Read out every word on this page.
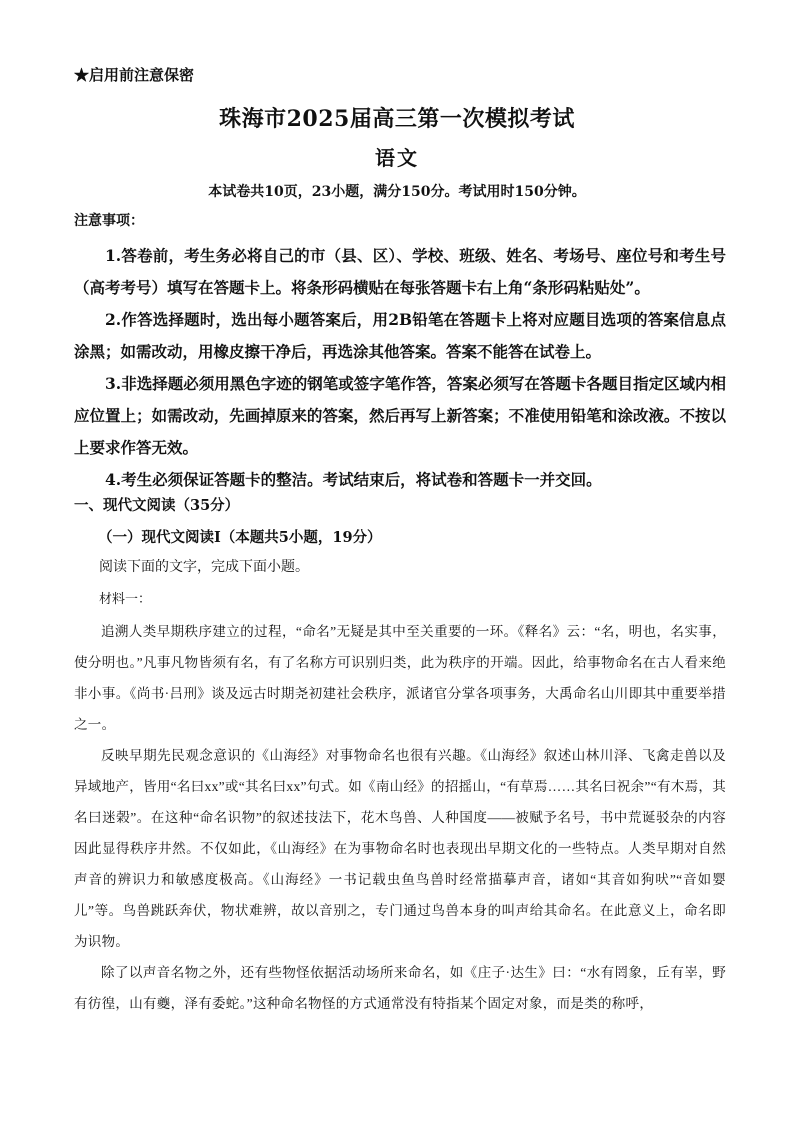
★启用前注意保密
珠海市2025届高三第一次模拟考试
语文
本试卷共10页，23小题，满分150分。考试用时150分钟。
注意事项：

1.答卷前，考生务必将自己的市（县、区）、学校、班级、姓名、考场号、座位号和考生号（高考考号）填写在答题卡上。将条形码横贴在每张答题卡右上角“条形码粘贴处”。

2.作答选择题时，选出每小题答案后，用2B铅笔在答题卡上将对应题目选项的答案信息点涂黑；如需改动，用橡皮擦干净后，再选涂其他答案。答案不能答在试卷上。

3.非选择题必须用黑色字迹的钢笔或签字笔作答，答案必须写在答题卡各题目指定区域内相应位置上；如需改动，先画掉原来的答案，然后再写上新答案；不准使用铅笔和涂改液。不按以上要求作答无效。

4.考生必须保证答题卡的整洁。考试结束后，将试卷和答题卡一并交回。

一、现代文阅读（35分）
（一）现代文阅读Ⅰ（本题共5小题，19分）
阅读下面的文字，完成下面小题。
材料一：

追溯人类早期秩序建立的过程，“命名”无疑是其中至关重要的一环。《释名》云：“名，明也，名实事，使分明也。”凡事凡物皆须有名，有了名称方可识别归类，此为秩序的开端。因此，给事物命名在古人看来绝非小事。《尚书·吕刑》谈及远古时期尧初建社会秩序，派诸官分掌各项事务，大禹命名山川即其中重要举措之一。

反映早期先民观念意识的《山海经》对事物命名也很有兴趣。《山海经》叙述山林川泽、飞禽走兽以及异域地产，皆用“名曰xx”或“其名曰xx”句式。如《南山经》的招摇山，“有草焉……其名曰祝余”“有木焉，其名曰迷榖”。在这种“命名识物”的叙述技法下，花木鸟兽、人种国度——被赋予名号，书中荒诞驳杂的内容因此显得秩序井然。不仅如此，《山海经》在为事物命名时也表现出早期文化的一些特点。人类早期对自然声音的辨识力和敏感度极高。《山海经》一书记载虫鱼鸟兽时经常描摹声音，诸如“其音如狗吠”“音如婴儿”等。鸟兽跳跃奔伏，物状难辨，故以音别之，专门通过鸟兽本身的叫声给其命名。在此意义上，命名即为识物。

除了以声音名物之外，还有些物怪依据活动场所来命名，如《庄子·达生》曰：“水有罔象，丘有峷，野有彷徨，山有夔，泽有委蛇。”这种命名物怪的方式通常没有特指某个固定对象，而是类的称呼，
